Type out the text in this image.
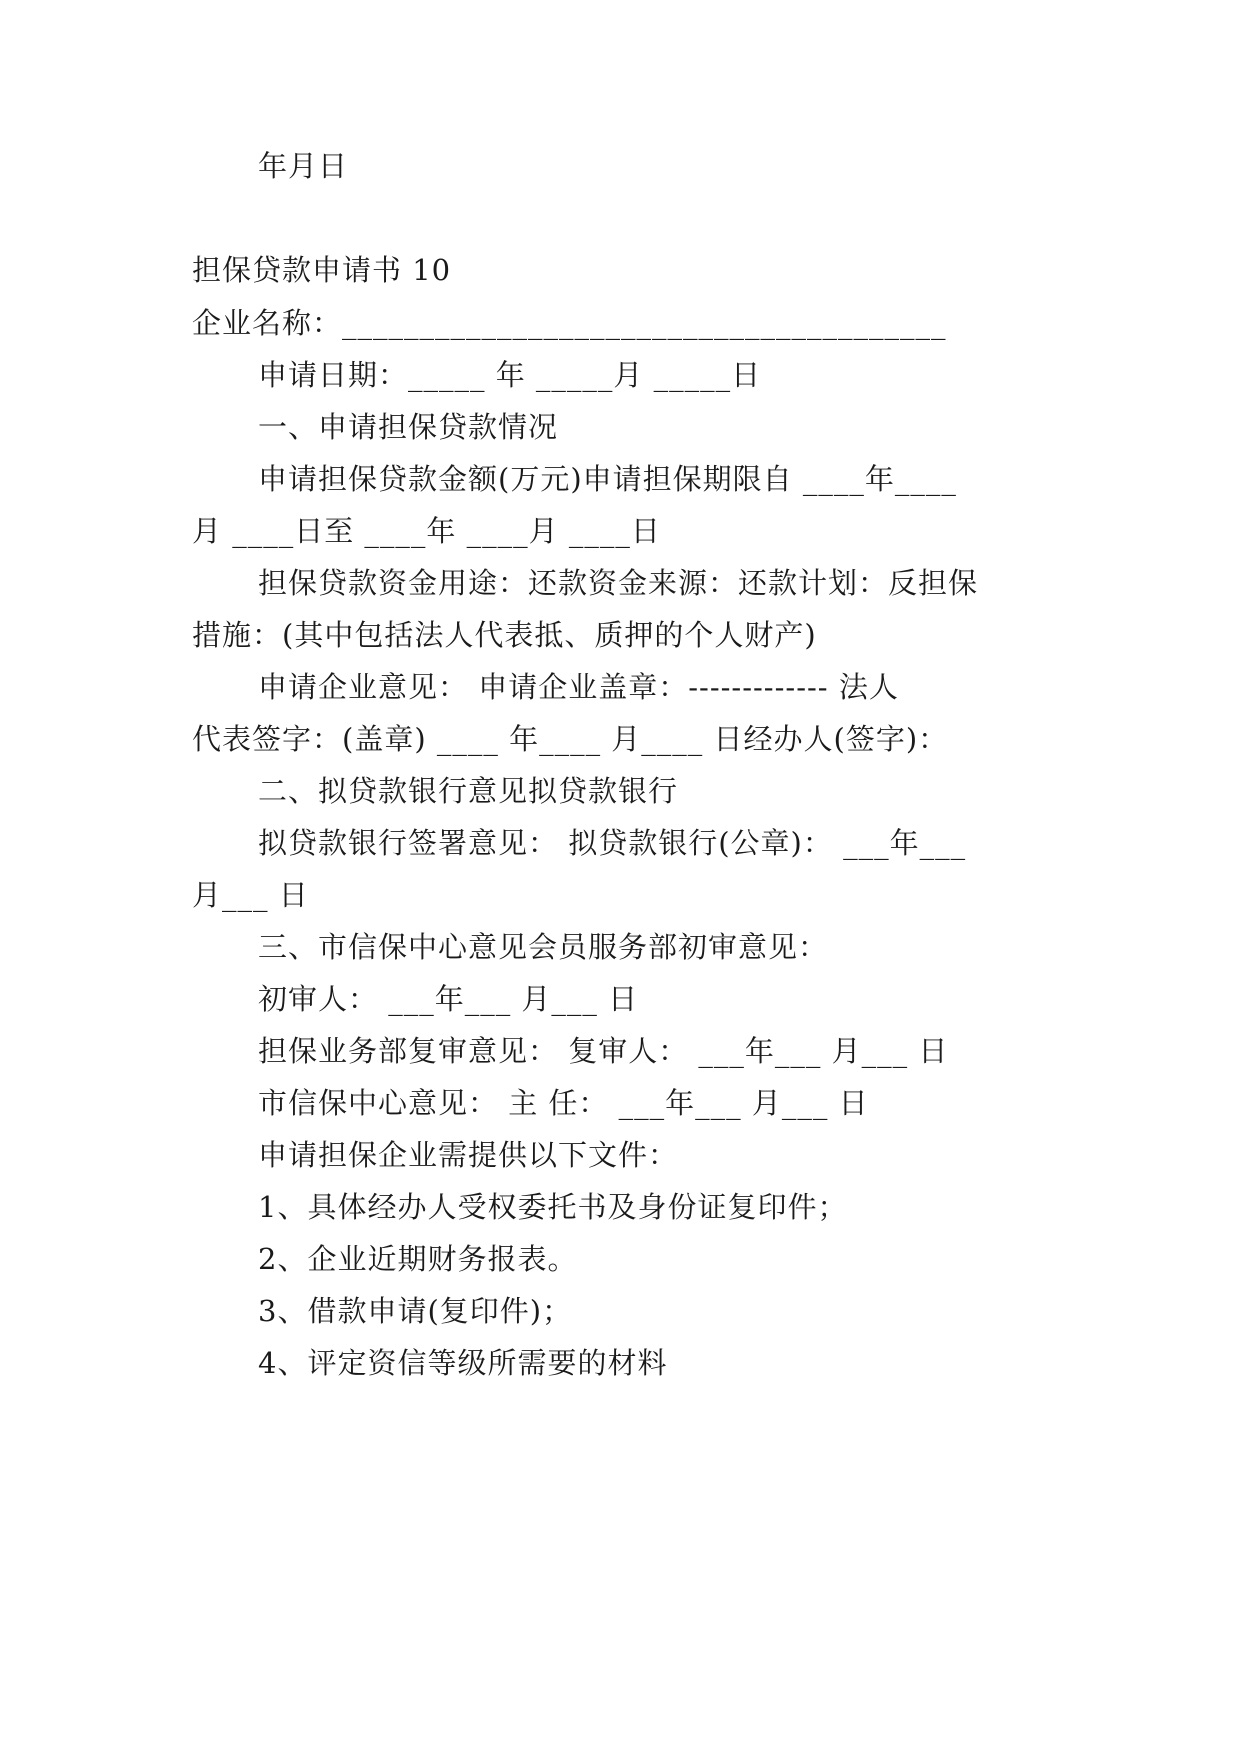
年月日

担保贷款申请书 10

企业名称：_______________________________________

申请日期：_____ 年 _____月 _____日

一、申请担保贷款情况

申请担保贷款金额(万元)申请担保期限自 ____年____

月 ____日至 ____年 ____月 ____日

担保贷款资金用途：还款资金来源：还款计划：反担保

措施：(其中包括法人代表抵、质押的个人财产)

申请企业意见： 申请企业盖章：------------- 法人

代表签字：(盖章) ____ 年____ 月____ 日经办人(签字)：

二、拟贷款银行意见拟贷款银行

拟贷款银行签署意见： 拟贷款银行(公章)： ___年___

月___ 日

三、市信保中心意见会员服务部初审意见：

初审人： ___年___ 月___ 日

担保业务部复审意见： 复审人： ___年___ 月___ 日

市信保中心意见： 主 任： ___年___ 月___ 日

申请担保企业需提供以下文件：

1、具体经办人受权委托书及身份证复印件；

2、企业近期财务报表。

3、借款申请(复印件)；

4、评定资信等级所需要的材料
